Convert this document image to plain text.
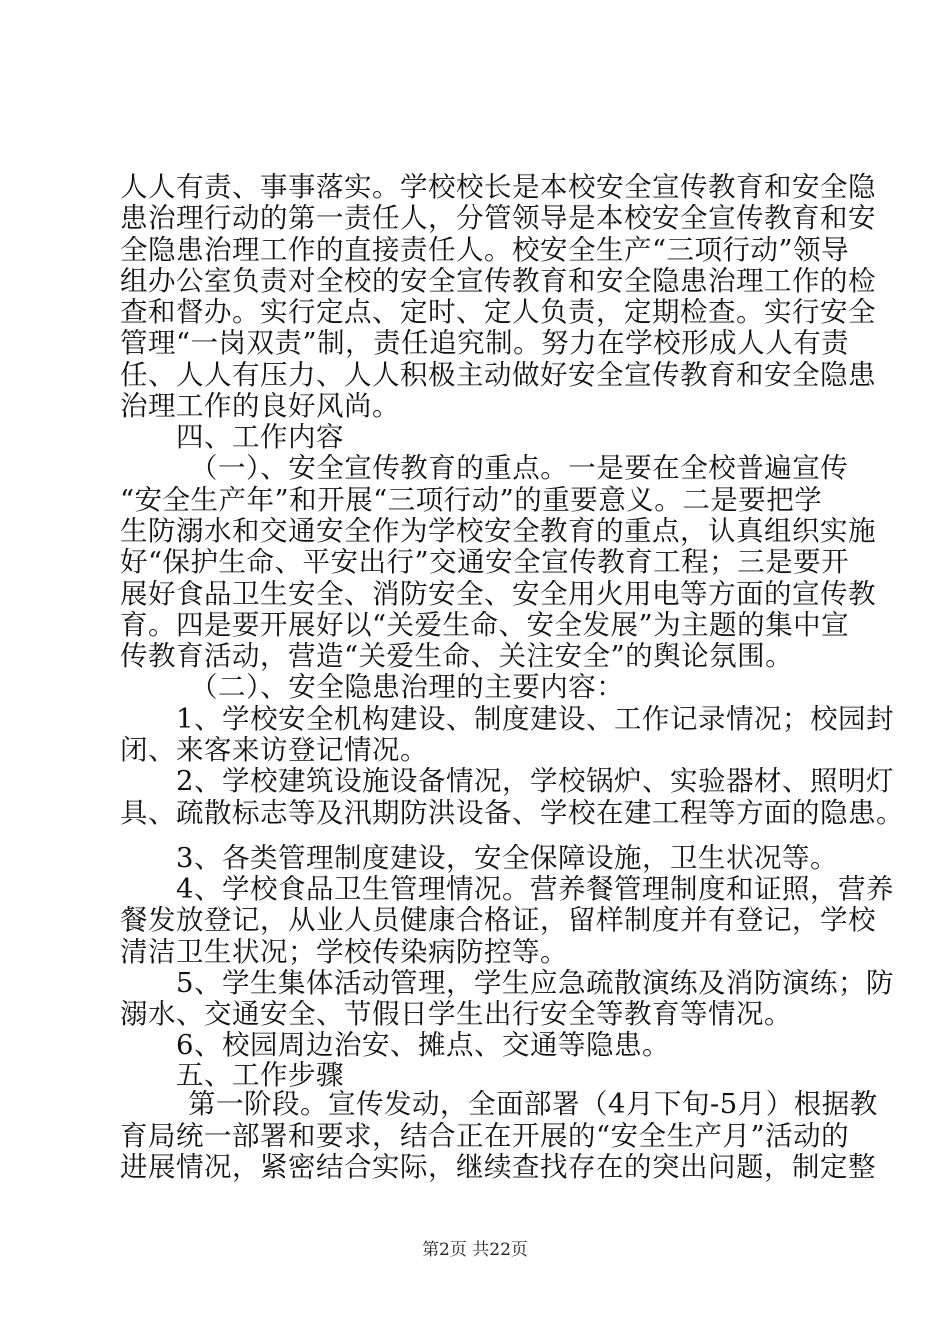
人人有责、事事落实。学校校长是本校安全宣传教育和安全隐
患治理行动的第一责任人，分管领导是本校安全宣传教育和安
全隐患治理工作的直接责任人。校安全生产“三项行动”领导
组办公室负责对全校的安全宣传教育和安全隐患治理工作的检
查和督办。实行定点、定时、定人负责，定期检查。实行安全
管理“一岗双责”制，责任追究制。努力在学校形成人人有责
任、人人有压力、人人积极主动做好安全宣传教育和安全隐患
治理工作的良好风尚。
四、工作内容
（一）、安全宣传教育的重点。一是要在全校普遍宣传
“安全生产年”和开展“三项行动”的重要意义。二是要把学
生防溺水和交通安全作为学校安全教育的重点，认真组织实施
好“保护生命、平安出行”交通安全宣传教育工程；三是要开
展好食品卫生安全、消防安全、安全用火用电等方面的宣传教
育。四是要开展好以“关爱生命、安全发展”为主题的集中宣
传教育活动，营造“关爱生命、关注安全”的舆论氛围。
（二）、安全隐患治理的主要内容：
1、学校安全机构建设、制度建设、工作记录情况；校园封
闭、来客来访登记情况。
2、学校建筑设施设备情况，学校锅炉、实验器材、照明灯
具、疏散标志等及汛期防洪设备、学校在建工程等方面的隐患。
3、各类管理制度建设，安全保障设施，卫生状况等。
4、学校食品卫生管理情况。营养餐管理制度和证照，营养
餐发放登记，从业人员健康合格证，留样制度并有登记，学校
清洁卫生状况；学校传染病防控等。
5、学生集体活动管理，学生应急疏散演练及消防演练；防
溺水、交通安全、节假日学生出行安全等教育等情况。
6、校园周边治安、摊点、交通等隐患。
五、工作步骤
第一阶段。宣传发动，全面部署（4月下旬-5月）根据教
育局统一部署和要求，结合正在开展的“安全生产月”活动的
进展情况，紧密结合实际，继续查找存在的突出问题，制定整
第2页 共22页
